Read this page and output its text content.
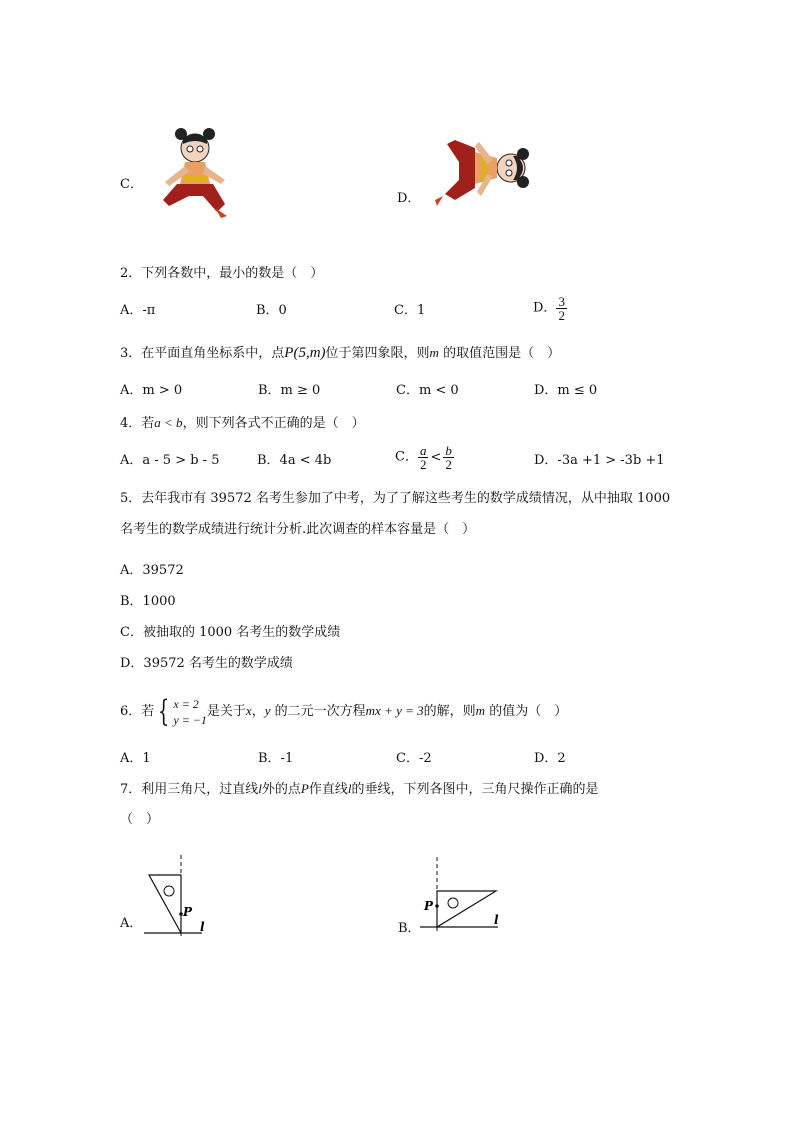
C．
D．
2．下列各数中，最小的数是（　）
A．-π	B．0	C．1	D． $\frac{3}{2}$
3．在平面直角坐标系中，点P(5,m)位于第四象限，则m 的取值范围是（　）
A．m > 0	B．m ≥ 0	C．m < 0	D．m ≤ 0
4．若a < b，则下列各式不正确的是（　）
A．a - 5 > b - 5	B．4a < 4b	C． $\frac{a}{2} < \frac{b}{2}$	D．-3a +1 > -3b +1
5．去年我市有 39572 名考生参加了中考，为了了解这些考生的数学成绩情况，从中抽取 1000
名考生的数学成绩进行统计分析.此次调查的样本容量是（　）
A．39572
B．1000
C．被抽取的 1000 名考生的数学成绩
D．39572 名考生的数学成绩
6．若 { x = 2
y = −1
是关于x，y 的二元一次方程mx + y = 3的解，则m 的值为（　）
A．1	B．-1	C．-2	D．2
7．利用三角尺，过直线l外的点P作直线l的垂线，下列各图中，三角尺操作正确的是
（　）
A．
P
l	B．
P
l
